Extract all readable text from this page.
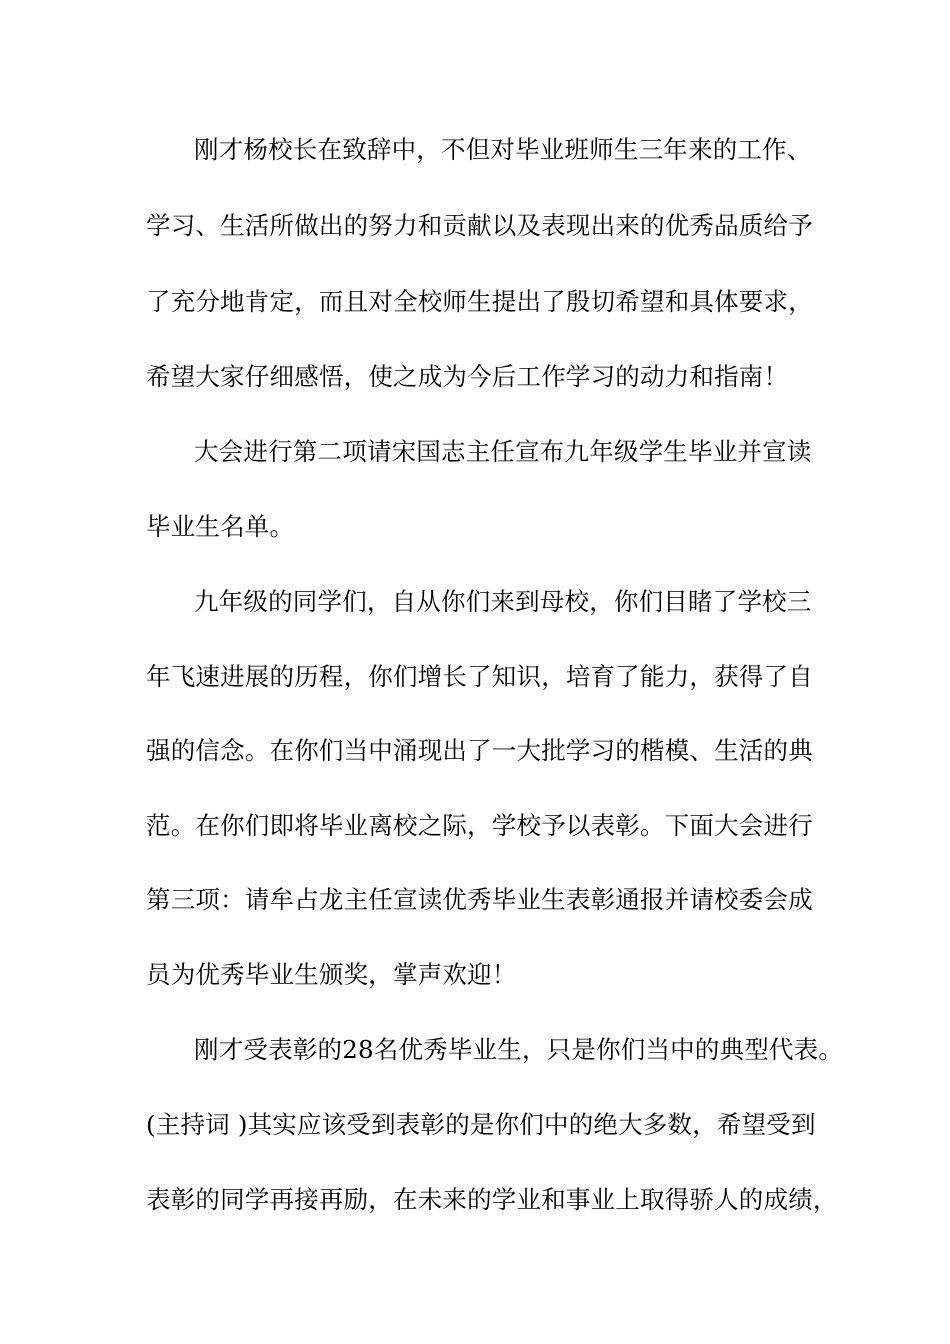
刚才杨校长在致辞中，不但对毕业班师生三年来的工作、
学习、生活所做出的努力和贡献以及表现出来的优秀品质给予
了充分地肯定，而且对全校师生提出了殷切希望和具体要求，
希望大家仔细感悟，使之成为今后工作学习的动力和指南！
大会进行第二项请宋国志主任宣布九年级学生毕业并宣读
毕业生名单。
九年级的同学们，自从你们来到母校，你们目睹了学校三
年飞速进展的历程，你们增长了知识，培育了能力，获得了自
强的信念。在你们当中涌现出了一大批学习的楷模、生活的典
范。在你们即将毕业离校之际，学校予以表彰。下面大会进行
第三项：请牟占龙主任宣读优秀毕业生表彰通报并请校委会成
员为优秀毕业生颁奖，掌声欢迎！
刚才受表彰的28名优秀毕业生，只是你们当中的典型代表。
(主持词 )其实应该受到表彰的是你们中的绝大多数，希望受到
表彰的同学再接再励，在未来的学业和事业上取得骄人的成绩，
